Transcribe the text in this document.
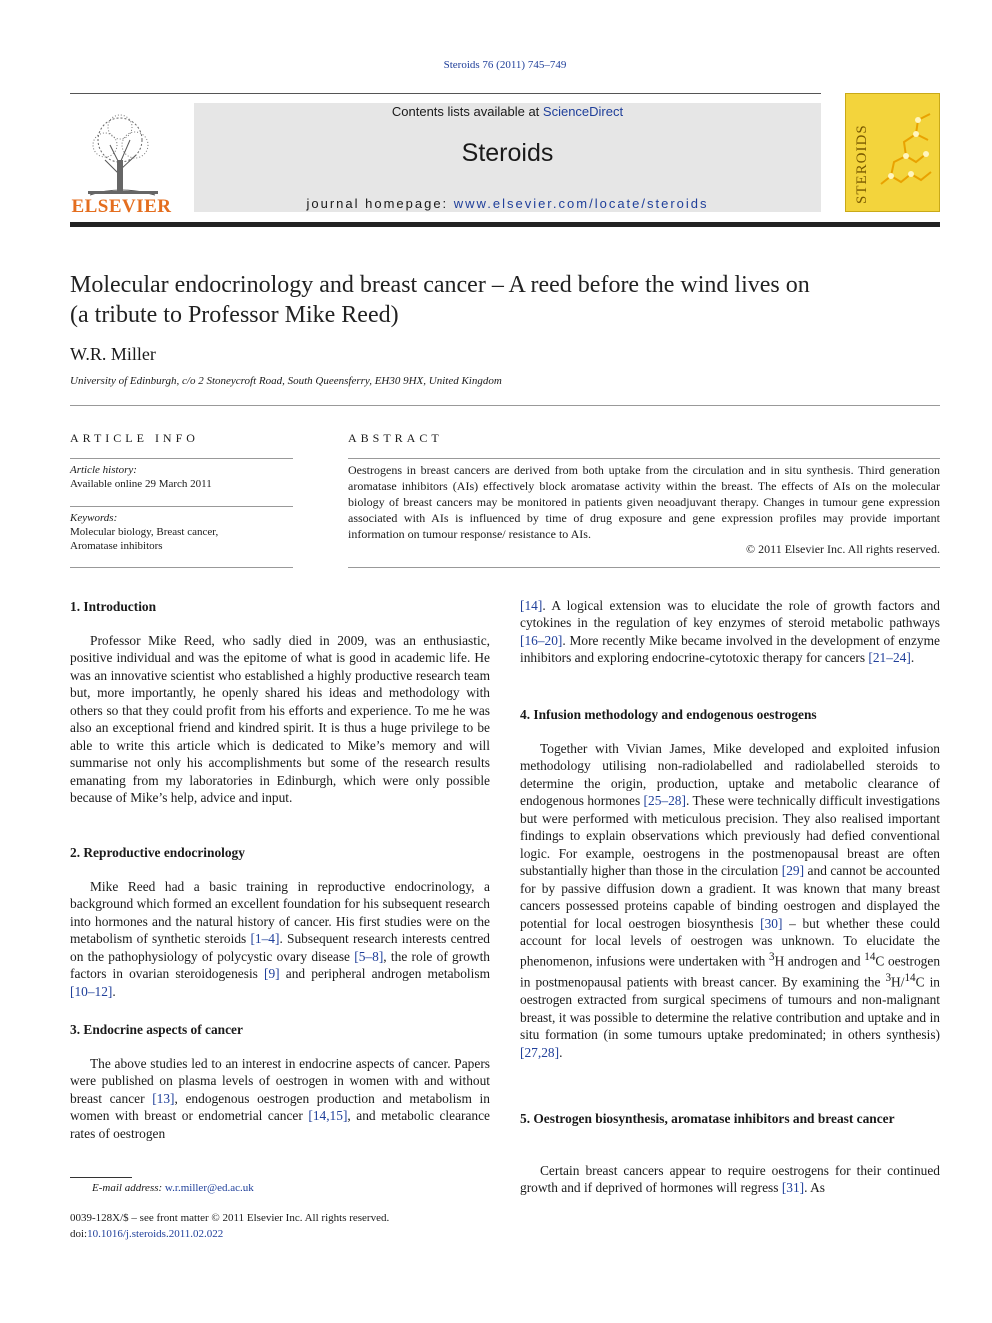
Steroids 76 (2011) 745–749
ELSEVIER
Contents lists available at ScienceDirect
Steroids
journal homepage: www.elsevier.com/locate/steroids	STEROIDS
Molecular endocrinology and breast cancer – A reed before the wind lives on
(a tribute to Professor Mike Reed)
W.R. Miller
University of Edinburgh, c/o 2 Stoneycroft Road, South Queensferry, EH30 9HX, United Kingdom
ARTICLE INFO	ABSTRACT
Article history:
Available online 29 March 2011
Keywords:
Molecular biology, Breast cancer,
Aromatase inhibitors
Oestrogens in breast cancers are derived from both uptake from the circulation and in situ synthesis. Third generation aromatase inhibitors (AIs) effectively block aromatase activity within the breast. The effects of AIs on the molecular biology of breast cancers may be monitored in patients given neoadjuvant therapy. Changes in tumour gene expression associated with AIs is influenced by time of drug exposure and gene expression profiles may provide important information on tumour response/ resistance to AIs.
© 2011 Elsevier Inc. All rights reserved.
1. Introduction
Professor Mike Reed, who sadly died in 2009, was an enthusiastic, positive individual and was the epitome of what is good in academic life. He was an innovative scientist who established a highly productive research team but, more importantly, he openly shared his ideas and methodology with others so that they could profit from his efforts and experience. To me he was also an exceptional friend and kindred spirit. It is thus a huge privilege to be able to write this article which is dedicated to Mike’s memory and will summarise not only his accomplishments but some of the research results emanating from my laboratories in Edinburgh, which were only possible because of Mike’s help, advice and input.
2. Reproductive endocrinology
Mike Reed had a basic training in reproductive endocrinology, a background which formed an excellent foundation for his subsequent research into hormones and the natural history of cancer. His first studies were on the metabolism of synthetic steroids [1–4]. Subsequent research interests centred on the pathophysiology of polycystic ovary disease [5–8], the role of growth factors in ovarian steroidogenesis [9] and peripheral androgen metabolism [10–12].
3. Endocrine aspects of cancer
The above studies led to an interest in endocrine aspects of cancer. Papers were published on plasma levels of oestrogen in women with and without breast cancer [13], endogenous oestrogen production and metabolism in women with breast or endometrial cancer [14,15], and metabolic clearance rates of oestrogen
[14]. A logical extension was to elucidate the role of growth factors and cytokines in the regulation of key enzymes of steroid metabolic pathways [16–20]. More recently Mike became involved in the development of enzyme inhibitors and exploring endocrine-cytotoxic therapy for cancers [21–24].
4. Infusion methodology and endogenous oestrogens
Together with Vivian James, Mike developed and exploited infusion methodology utilising non-radiolabelled and radiolabelled steroids to determine the origin, production, uptake and metabolic clearance of endogenous hormones [25–28]. These were technically difficult investigations but were performed with meticulous precision. They also realised important findings to explain observations which previously had defied conventional logic. For example, oestrogens in the postmenopausal breast are often substantially higher than those in the circulation [29] and cannot be accounted for by passive diffusion down a gradient. It was known that many breast cancers possessed proteins capable of binding oestrogen and displayed the potential for local oestrogen biosynthesis [30] – but whether these could account for local levels of oestrogen was unknown. To elucidate the phenomenon, infusions were undertaken with $^3$H androgen and $^{14}$C oestrogen in postmenopausal patients with breast cancer. By examining the $^3$H/$^{14}$C in oestrogen extracted from surgical specimens of tumours and non-malignant breast, it was possible to determine the relative contribution and uptake and in situ formation (in some tumours uptake predominated; in others synthesis) [27,28].
5. Oestrogen biosynthesis, aromatase inhibitors and breast cancer
Certain breast cancers appear to require oestrogens for their continued growth and if deprived of hormones will regress [31]. As
E-mail address: w.r.miller@ed.ac.uk
0039-128X/$ – see front matter © 2011 Elsevier Inc. All rights reserved.
doi:10.1016/j.steroids.2011.02.022
